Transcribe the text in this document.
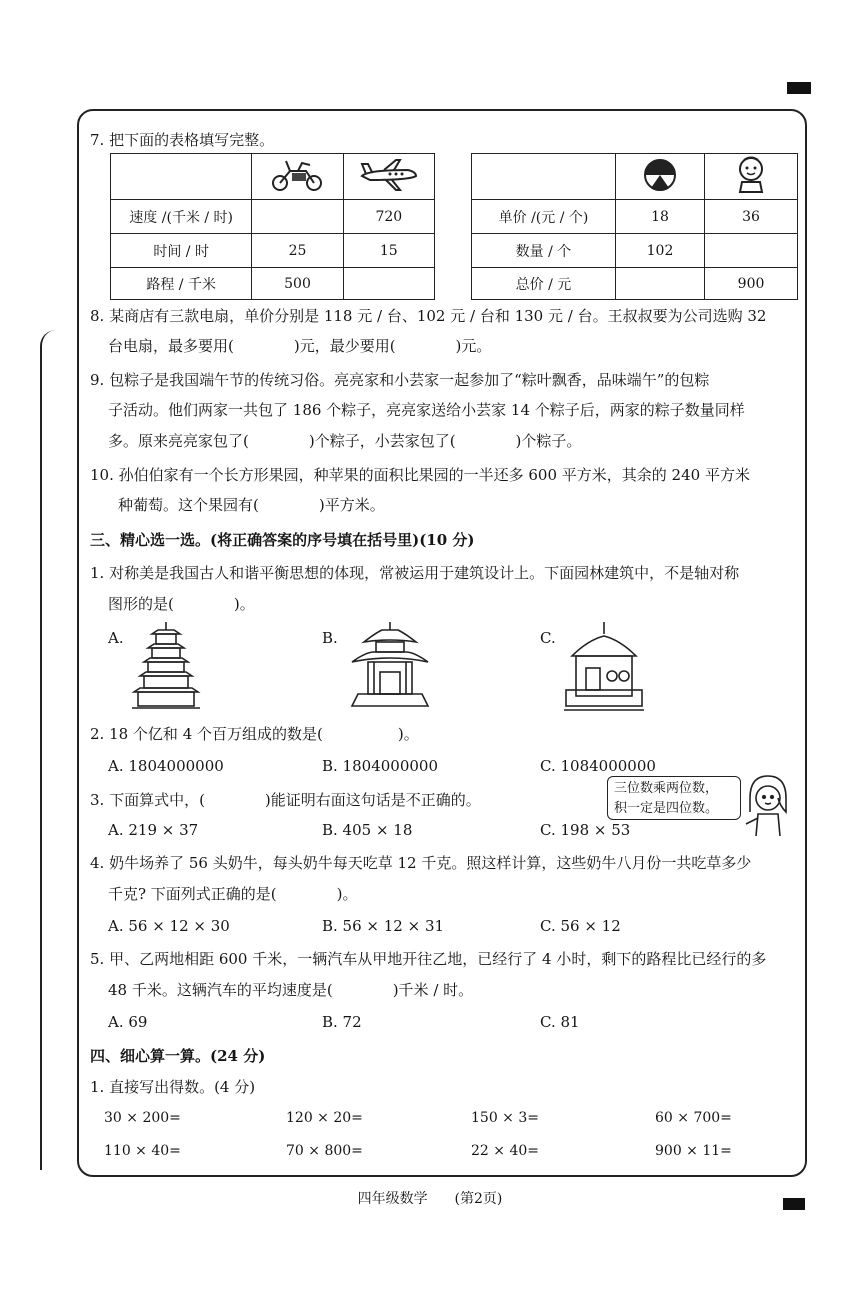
7. 把下面的表格填写完整。

速度 /(千米 / 时)		720
时间 / 时	25	15
路程 / 千米	500	

单价 /(元 / 个)	18	36
数量 / 个	102	
总价 / 元		900
8. 某商店有三款电扇，单价分别是 118 元 / 台、102 元 / 台和 130 元 / 台。王叔叔要为公司选购 32
台电扇，最多要用(　　　　)元，最少要用(　　　　)元。
9. 包粽子是我国端午节的传统习俗。亮亮家和小芸家一起参加了“粽叶飘香，品味端午”的包粽
子活动。他们两家一共包了 186 个粽子，亮亮家送给小芸家 14 个粽子后，两家的粽子数量同样
多。原来亮亮家包了(　　　　)个粽子，小芸家包了(　　　　)个粽子。
10. 孙伯伯家有一个长方形果园，种苹果的面积比果园的一半还多 600 平方米，其余的 240 平方米
种葡萄。这个果园有(　　　　)平方米。
三、精心选一选。(将正确答案的序号填在括号里)(10 分)
1. 对称美是我国古人和谐平衡思想的体现，常被运用于建筑设计上。下面园林建筑中，不是轴对称
图形的是(　　　　)。
A.	B.	C.
2. 18 个亿和 4 个百万组成的数是(　　　　　)。
A. 1804000000	B. 1804000000	C. 1084000000
3. 下面算式中，(　　　　)能证明右面这句话是不正确的。
三位数乘两位数，
积一定是四位数。
A. 219 × 37	B. 405 × 18	C. 198 × 53
4. 奶牛场养了 56 头奶牛，每头奶牛每天吃草 12 千克。照这样计算，这些奶牛八月份一共吃草多少
千克? 下面列式正确的是(　　　　)。
A. 56 × 12 × 30	B. 56 × 12 × 31	C. 56 × 12
5. 甲、乙两地相距 600 千米，一辆汽车从甲地开往乙地，已经行了 4 小时，剩下的路程比已经行的多
48 千米。这辆汽车的平均速度是(　　　　)千米 / 时。
A. 69	B. 72	C. 81
四、细心算一算。(24 分)
1. 直接写出得数。(4 分)
30 × 200=	120 × 20=	150 × 3=	60 × 700=
110 × 40=	70 × 800=	22 × 40=	900 × 11=
四年级数学 (第2页)
